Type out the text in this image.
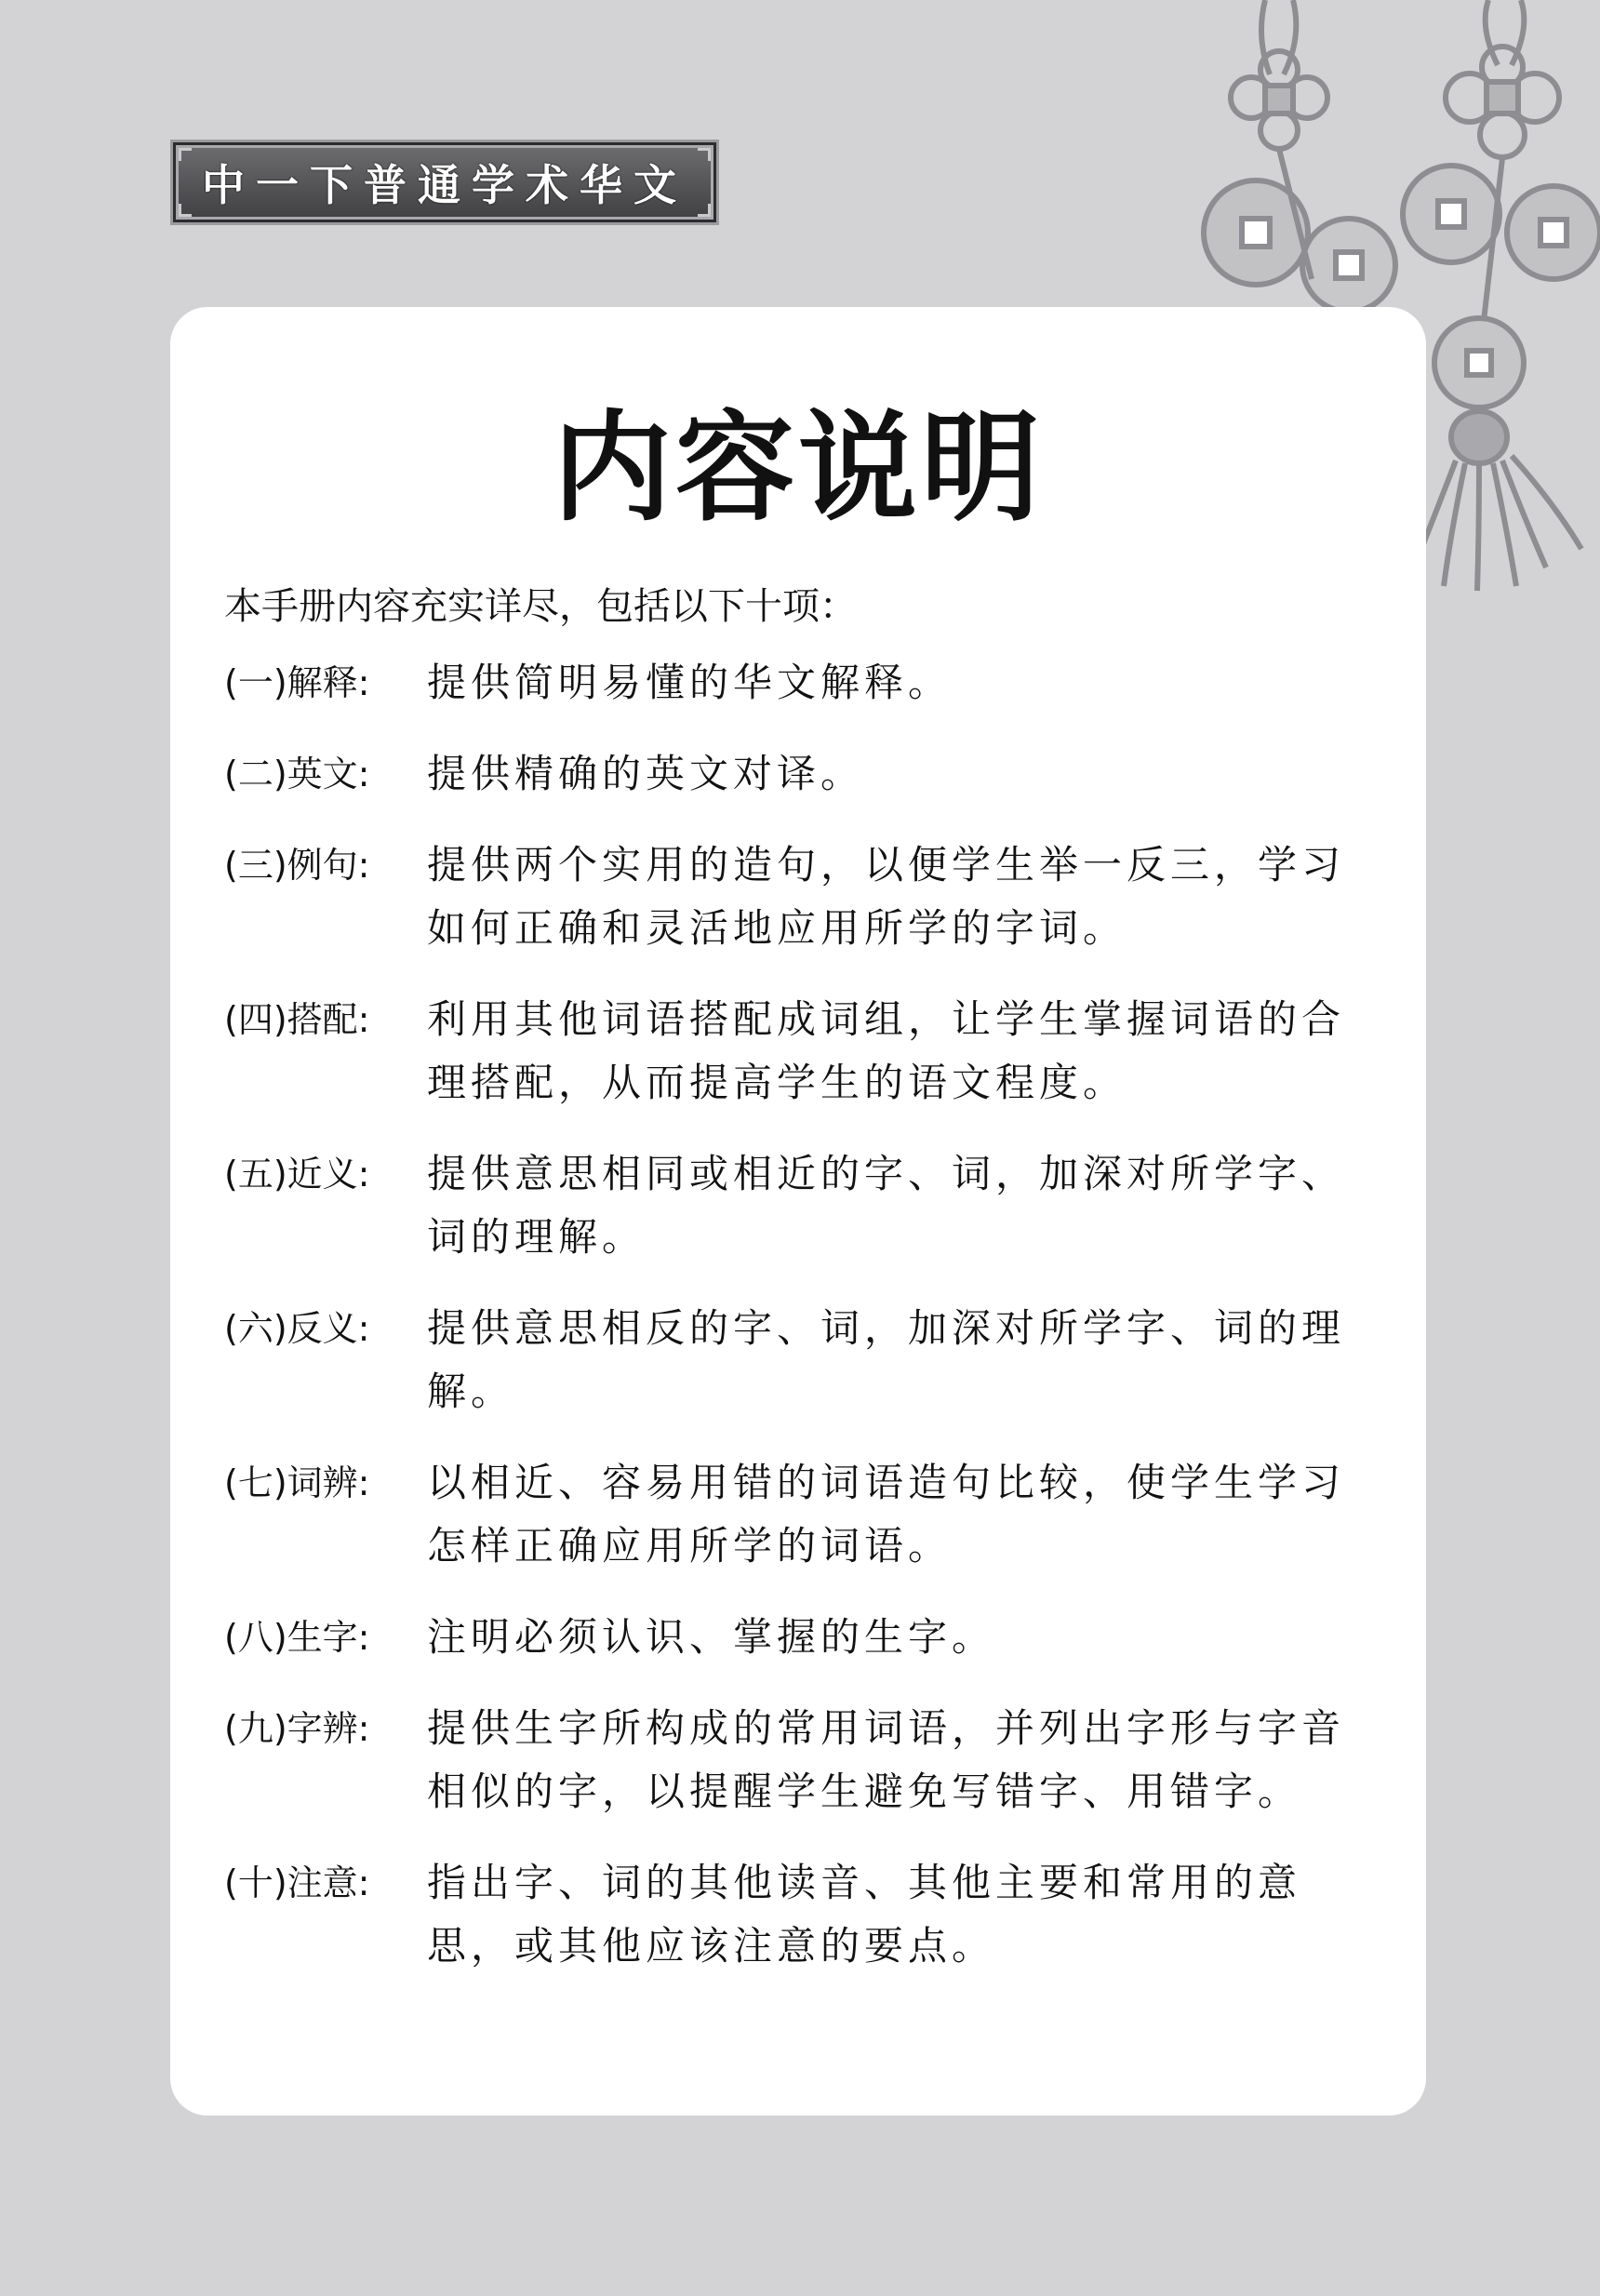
中一下普通学术华文
内容说明
本手册内容充实详尽，包括以下十项：
(一)解释:	提供简明易懂的华文解释。
(二)英文:	提供精确的英文对译。
(三)例句:	提供两个实用的造句，以便学生举一反三，学习如何正确和灵活地应用所学的字词。
(四)搭配:	利用其他词语搭配成词组，让学生掌握词语的合理搭配，从而提高学生的语文程度。
(五)近义:	提供意思相同或相近的字、词，加深对所学字、词的理解。
(六)反义:	提供意思相反的字、词，加深对所学字、词的理解。
(七)词辨:	以相近、容易用错的词语造句比较，使学生学习怎样正确应用所学的词语。
(八)生字:	注明必须认识、掌握的生字。
(九)字辨:	提供生字所构成的常用词语，并列出字形与字音相似的字，以提醒学生避免写错字、用错字。
(十)注意:	指出字、词的其他读音、其他主要和常用的意思，或其他应该注意的要点。
